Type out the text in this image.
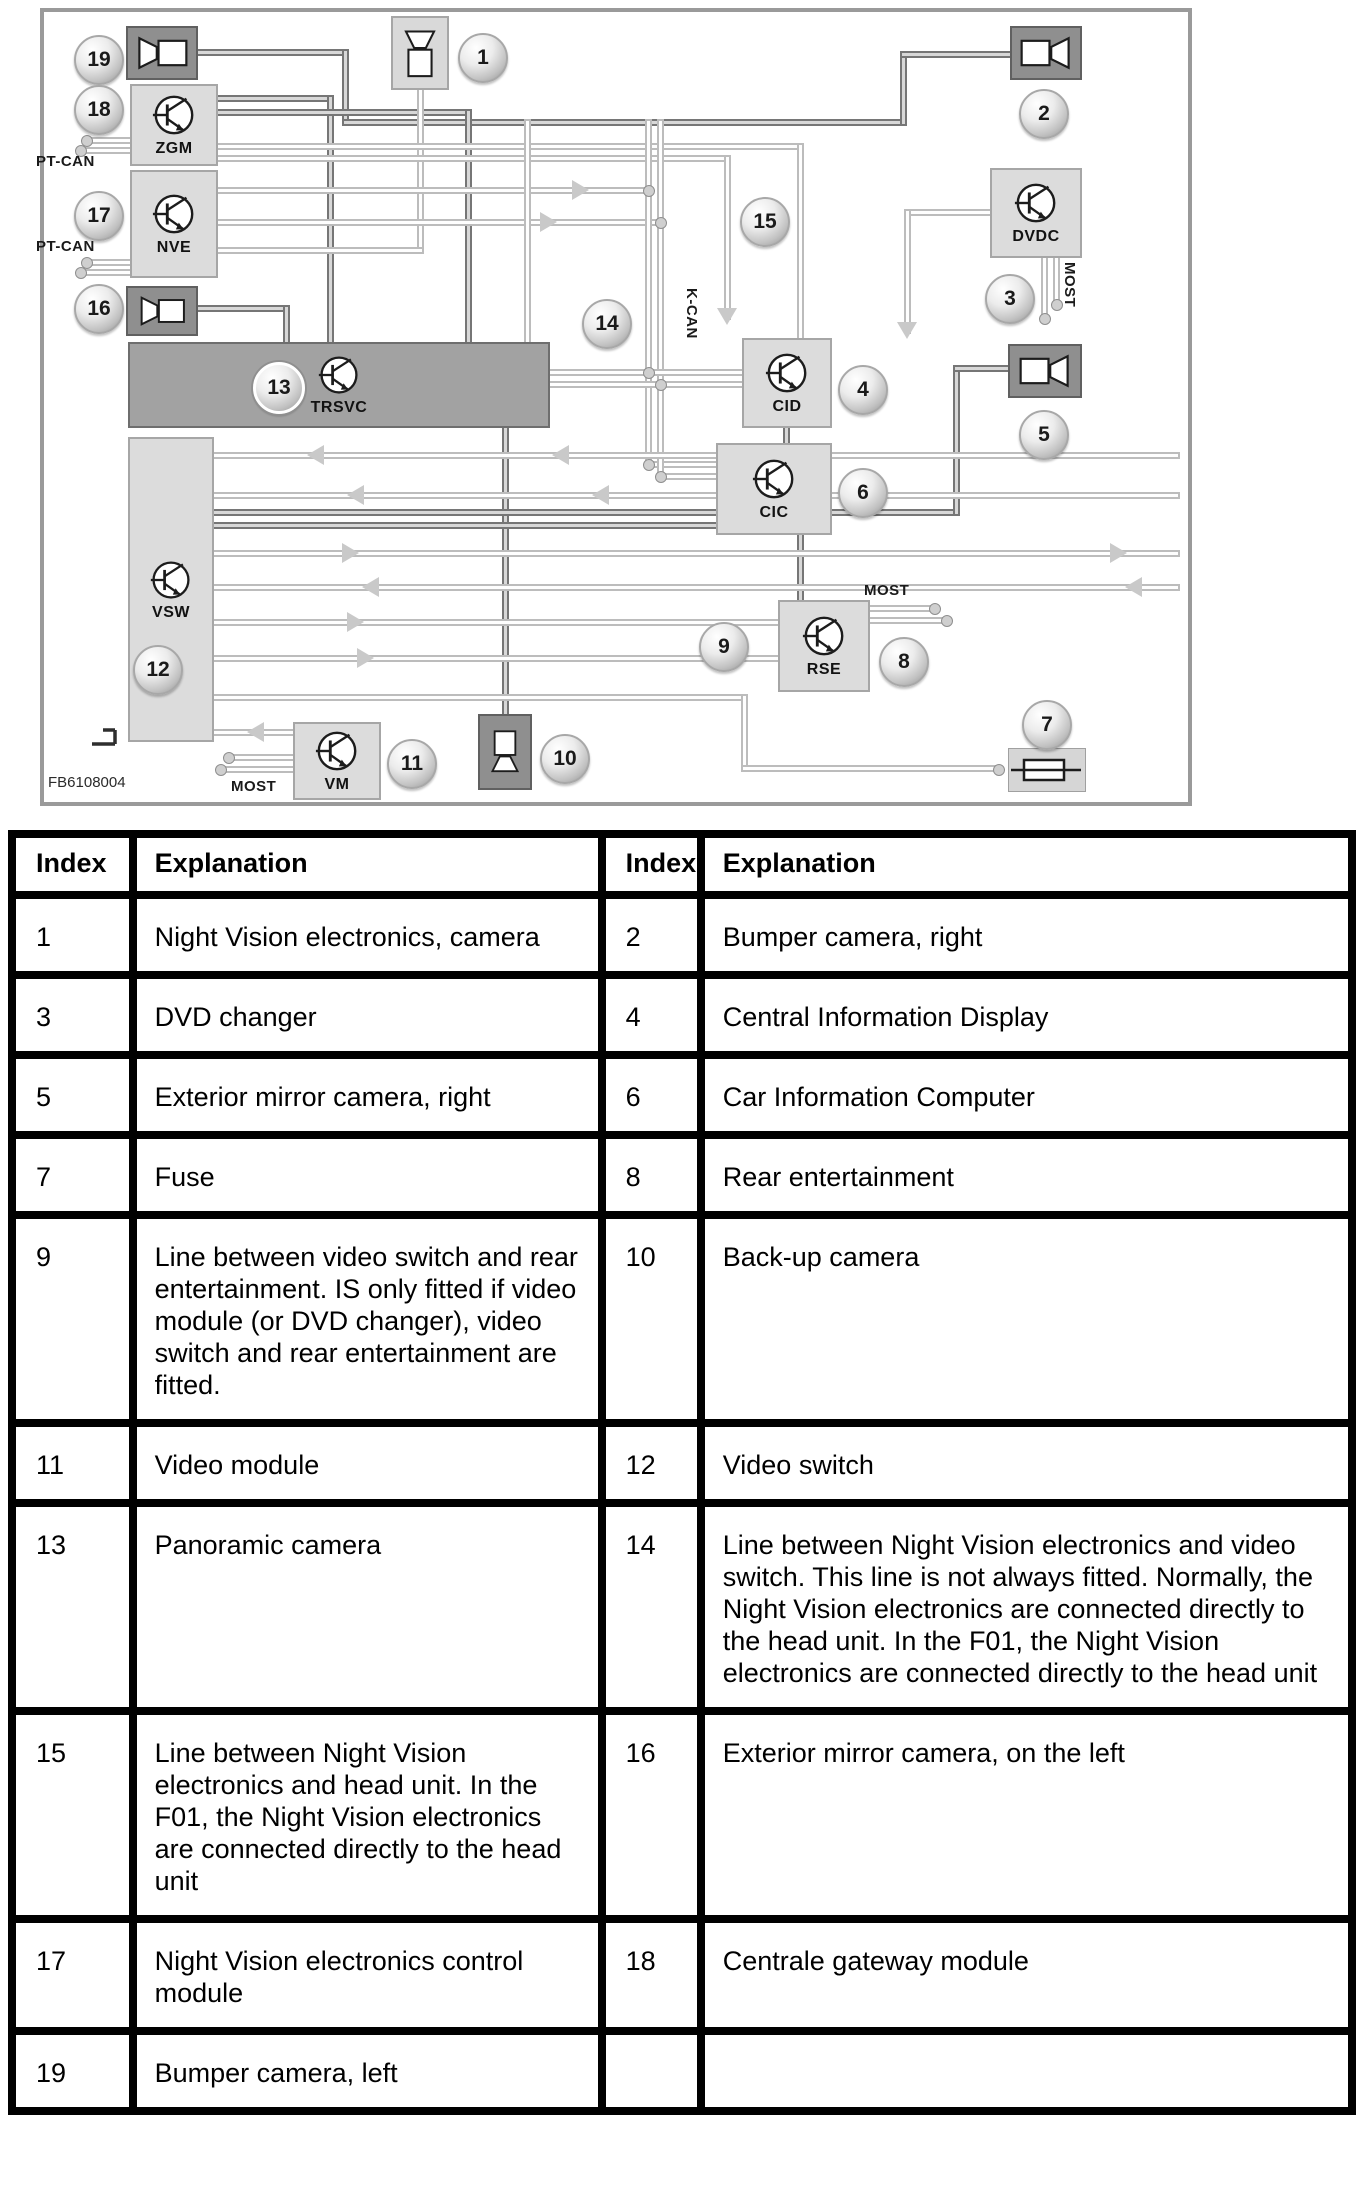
FB6108004
ZGM
NVE
TRSVC
VSW
CID
CIC
DVDC
RSE
VM
19
18
17
16
1
2
15
14
3
4
5
6
13
12
9
8
7
10
11
PT-CAN
PT-CAN
K-CAN
MOST
MOST
MOST
Index	Explanation	Index	Explanation
1	Night Vision electronics, camera	2	Bumper camera, right
3	DVD changer	4	Central Information Display
5	Exterior mirror camera, right	6	Car Information Computer
7	Fuse	8	Rear entertainment
9	Line between video switch and rear entertainment. IS only fitted if video module (or DVD changer), video switch and rear entertainment are fitted.	10	Back-up camera
11	Video module	12	Video switch
13	Panoramic camera	14	Line between Night Vision electronics and video switch. This line is not always fitted. Normally, the Night Vision electronics are connected directly to the head unit. In the F01, the Night Vision electronics are connected directly to the head unit
15	Line between Night Vision electronics and head unit. In the F01, the Night Vision electronics are connected directly to the head unit	16	Exterior mirror camera, on the left
17	Night Vision electronics control module	18	Centrale gateway module
19	Bumper camera, left		
